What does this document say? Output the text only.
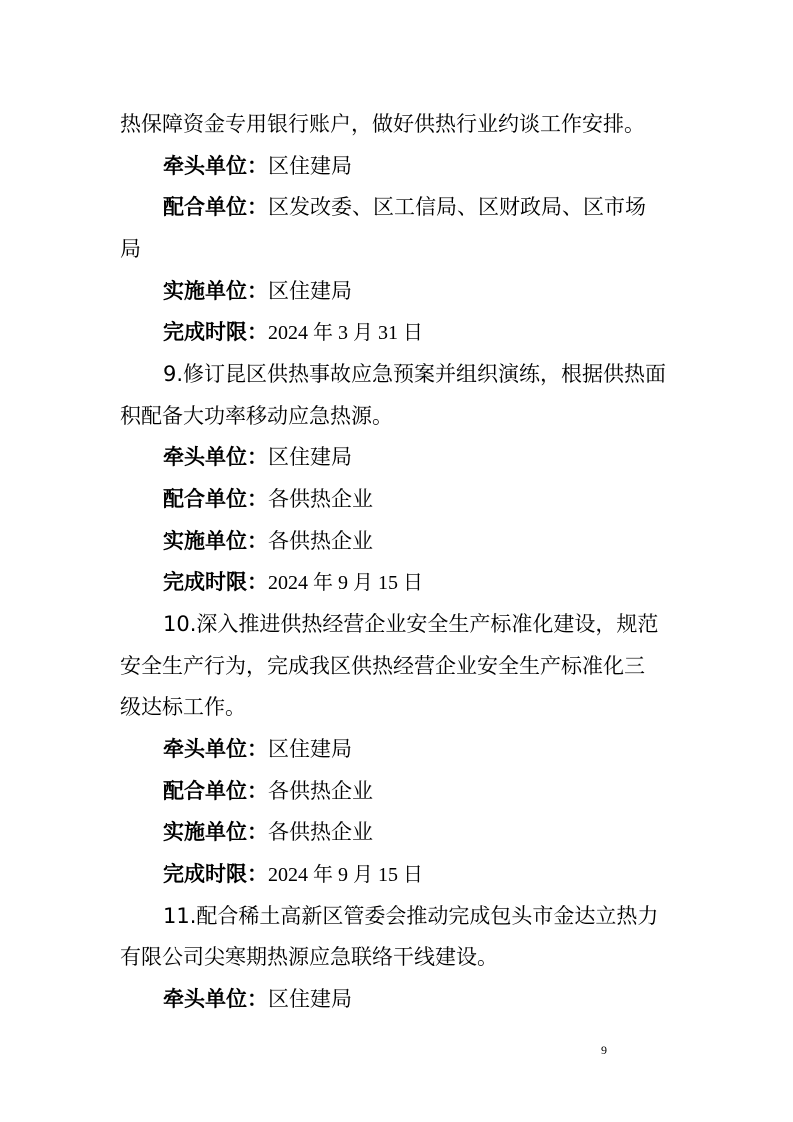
热保障资金专用银行账户，做好供热行业约谈工作安排。
牵头单位：区住建局
配合单位：区发改委、区工信局、区财政局、区市场
局
实施单位：区住建局
完成时限：2024 年 3 月 31 日
9.修订昆区供热事故应急预案并组织演练，根据供热面
积配备大功率移动应急热源。
牵头单位：区住建局
配合单位：各供热企业
实施单位：各供热企业
完成时限：2024 年 9 月 15 日
10.深入推进供热经营企业安全生产标准化建设，规范
安全生产行为，完成我区供热经营企业安全生产标准化三
级达标工作。
牵头单位：区住建局
配合单位：各供热企业
实施单位：各供热企业
完成时限：2024 年 9 月 15 日
11.配合稀土高新区管委会推动完成包头市金达立热力
有限公司尖寒期热源应急联络干线建设。
牵头单位：区住建局
9
